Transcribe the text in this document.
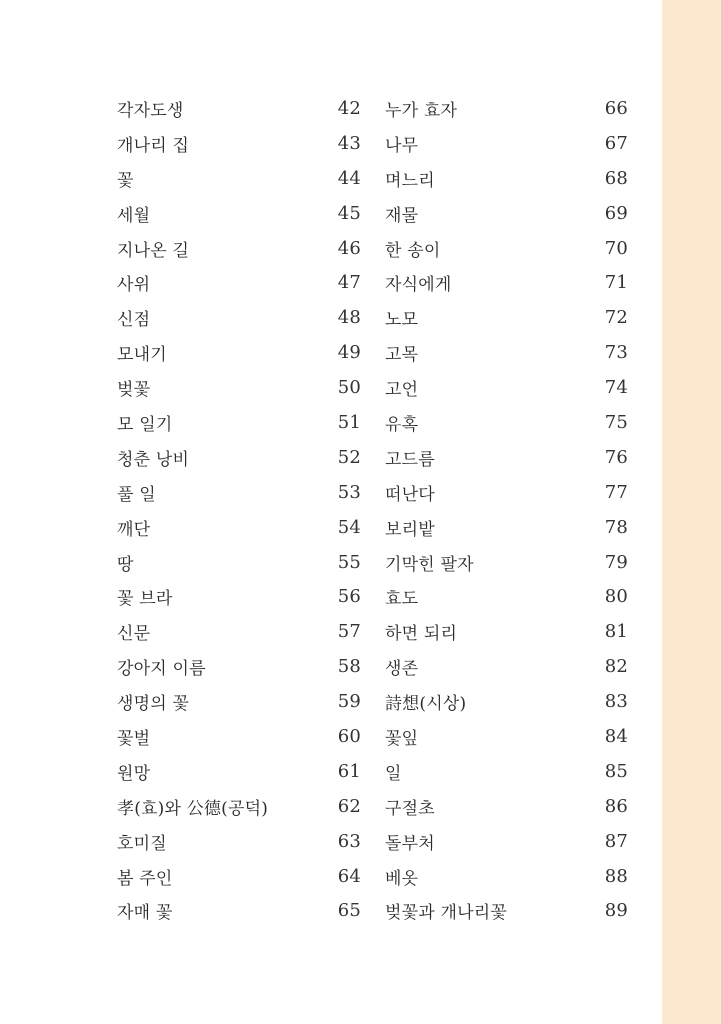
각자도생	42
개나리 집	43
꽃	44
세월	45
지나온 길	46
사위	47
신점	48
모내기	49
벚꽃	50
모 일기	51
청춘 낭비	52
풀 일	53
깨단	54
땅	55
꽃 브라	56
신문	57
강아지 이름	58
생명의 꽃	59
꽃벌	60
원망	61
孝(효)와 公德(공덕)	62
호미질	63
봄 주인	64
자매 꽃	65
누가 효자	66
나무	67
며느리	68
재물	69
한 송이	70
자식에게	71
노모	72
고목	73
고언	74
유혹	75
고드름	76
떠난다	77
보리밭	78
기막힌 팔자	79
효도	80
하면 되리	81
생존	82
詩想(시상)	83
꽃잎	84
일	85
구절초	86
돌부처	87
베옷	88
벚꽃과 개나리꽃	89
